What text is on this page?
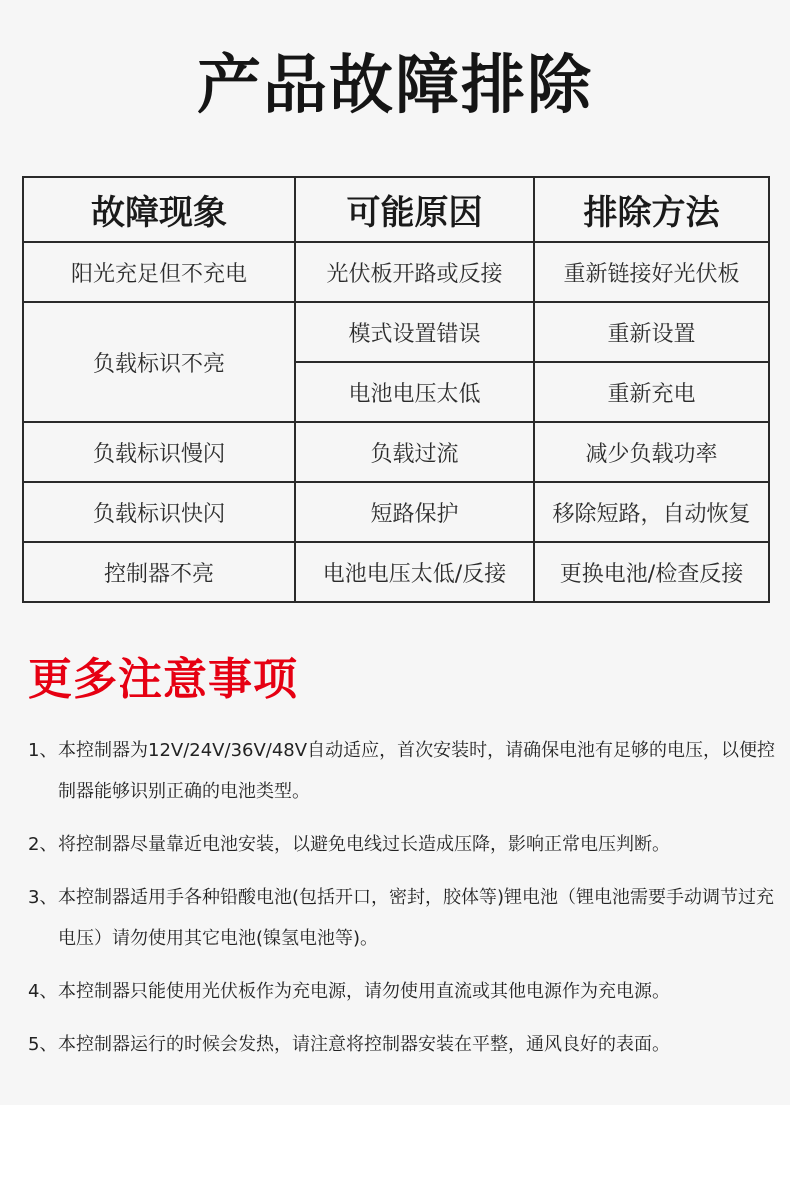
产品故障排除
故障现象	可能原因	排除方法
阳光充足但不充电	光伏板开路或反接	重新链接好光伏板
负载标识不亮	模式设置错误	重新设置
	电池电压太低	重新充电
负载标识慢闪	负载过流	减少负载功率
负载标识快闪	短路保护	移除短路，自动恢复
控制器不亮	电池电压太低/反接	更换电池/检查反接
更多注意事项
1、 本控制器为12V/24V/36V/48V自动适应，首次安装时，请确保电池有足够的电压，以便控制器能够识别正确的电池类型。
2、 将控制器尽量靠近电池安装，以避免电线过长造成压降，影响正常电压判断。
3、 本控制器适用手各种铅酸电池(包括开口，密封，胶体等)锂电池（锂电池需要手动调节过充电压）请勿使用其它电池(镍氢电池等)。
4、 本控制器只能使用光伏板作为充电源，请勿使用直流或其他电源作为充电源。
5、 本控制器运行的时候会发热，请注意将控制器安装在平整，通风良好的表面。
